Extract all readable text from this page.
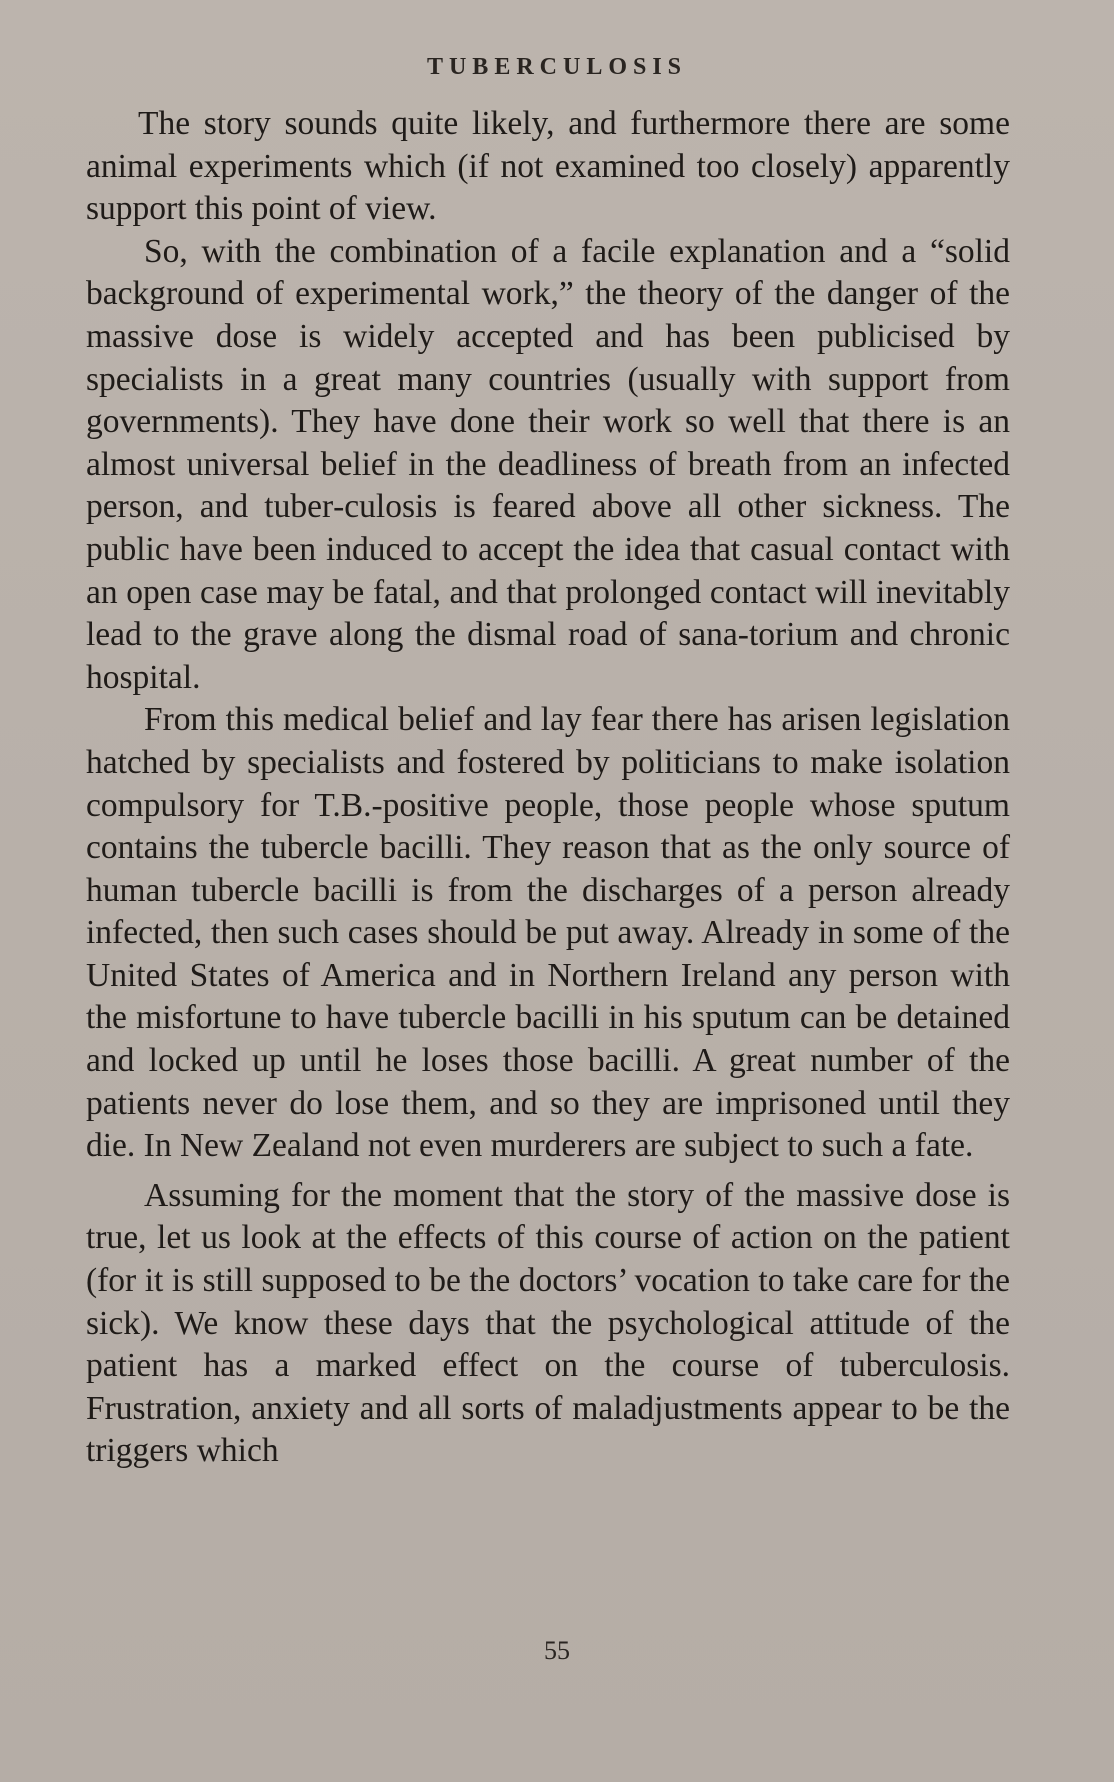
TUBERCULOSIS

The story sounds quite likely, and furthermore there are some animal experiments which (if not examined too closely) apparently support this point of view.

So, with the combination of a facile explanation and a “solid background of experimental work,” the theory of the danger of the massive dose is widely accepted and has been publicised by specialists in a great many countries (usually with support from governments). They have done their work so well that there is an almost universal belief in the deadliness of breath from an infected person, and tuber‐culosis is feared above all other sickness. The public have been induced to accept the idea that casual contact with an open case may be fatal, and that prolonged contact will inevitably lead to the grave along the dismal road of sana‐torium and chronic hospital.

From this medical belief and lay fear there has arisen legislation hatched by specialists and fostered by politicians to make isolation compulsory for T.B.‐positive people, those people whose sputum contains the tubercle bacilli. They reason that as the only source of human tubercle bacilli is from the discharges of a person already infected, then such cases should be put away. Already in some of the United States of America and in Northern Ireland any person with the misfortune to have tubercle bacilli in his sputum can be detained and locked up until he loses those bacilli. A great number of the patients never do lose them, and so they are imprisoned until they die. In New Zealand not even murderers are subject to such a fate.

Assuming for the moment that the story of the massive dose is true, let us look at the effects of this course of action on the patient (for it is still supposed to be the doctors’ vocation to take care for the sick). We know these days that the psychological attitude of the patient has a marked effect on the course of tuberculosis. Frustration, anxiety and all sorts of maladjustments appear to be the triggers which

55
